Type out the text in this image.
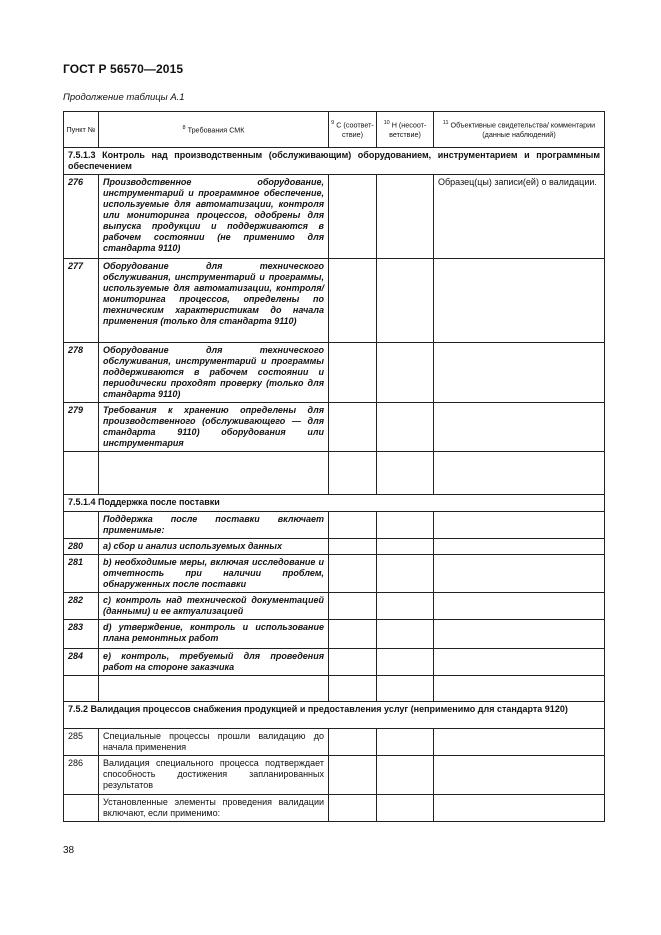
ГОСТ Р 56570—2015
Продолжение таблицы А.1
Пункт №	$^8$ Требования СМК	$^9$ С (соответ-ствие)	$^{10}$ Н (несоот-ветствие)	$^{11}$ Объективные свидетельства/ комментарии (данные наблюдений)
7.5.1.3 Контроль над производственным (обслуживающим) оборудованием, инструментарием и программным обеспечением				
276	Производственное оборудование, инструментарий и программное обеспечение, используемые для автоматизации, контроля или мониторинга процессов, одобрены для выпуска продукции и поддерживаются в рабочем состоянии (не применимо для стандарта 9110)			Образец(цы) записи(ей) о валидации.
277	Оборудование для технического обслуживания, инструментарий и программы, используемые для автоматизации, контроля/мониторинга процессов, определены по техническим характеристикам до начала применения (только для стандарта 9110)			
278	Оборудование для технического обслуживания, инструментарий и программы поддерживаются в рабочем состоянии и периодически проходят проверку (только для стандарта 9110)			
279	Требования к хранению определены для производственного (обслуживающего — для стандарта 9110) оборудования или инструментария			

7.5.1.4 Поддержка после поставки				
	Поддержка после поставки включает применимые:			
280	a) сбор и анализ используемых данных			
281	b) необходимые меры, включая исследование и отчетность при наличии проблем, обнаруженных после поставки			
282	c) контроль над технической документацией (данными) и ее актуализацией			
283	d) утверждение, контроль и использование плана ремонтных работ			
284	e) контроль, требуемый для проведения работ на стороне заказчика			

7.5.2 Валидация процессов снабжения продукцией и предоставления услуг (неприменимо для стандарта 9120)				
285	Специальные процессы прошли валидацию до начала применения			
286	Валидация специального процесса подтверждает способность достижения запланированных результатов			
	Установленные элементы проведения валидации включают, если применимо:			
38
